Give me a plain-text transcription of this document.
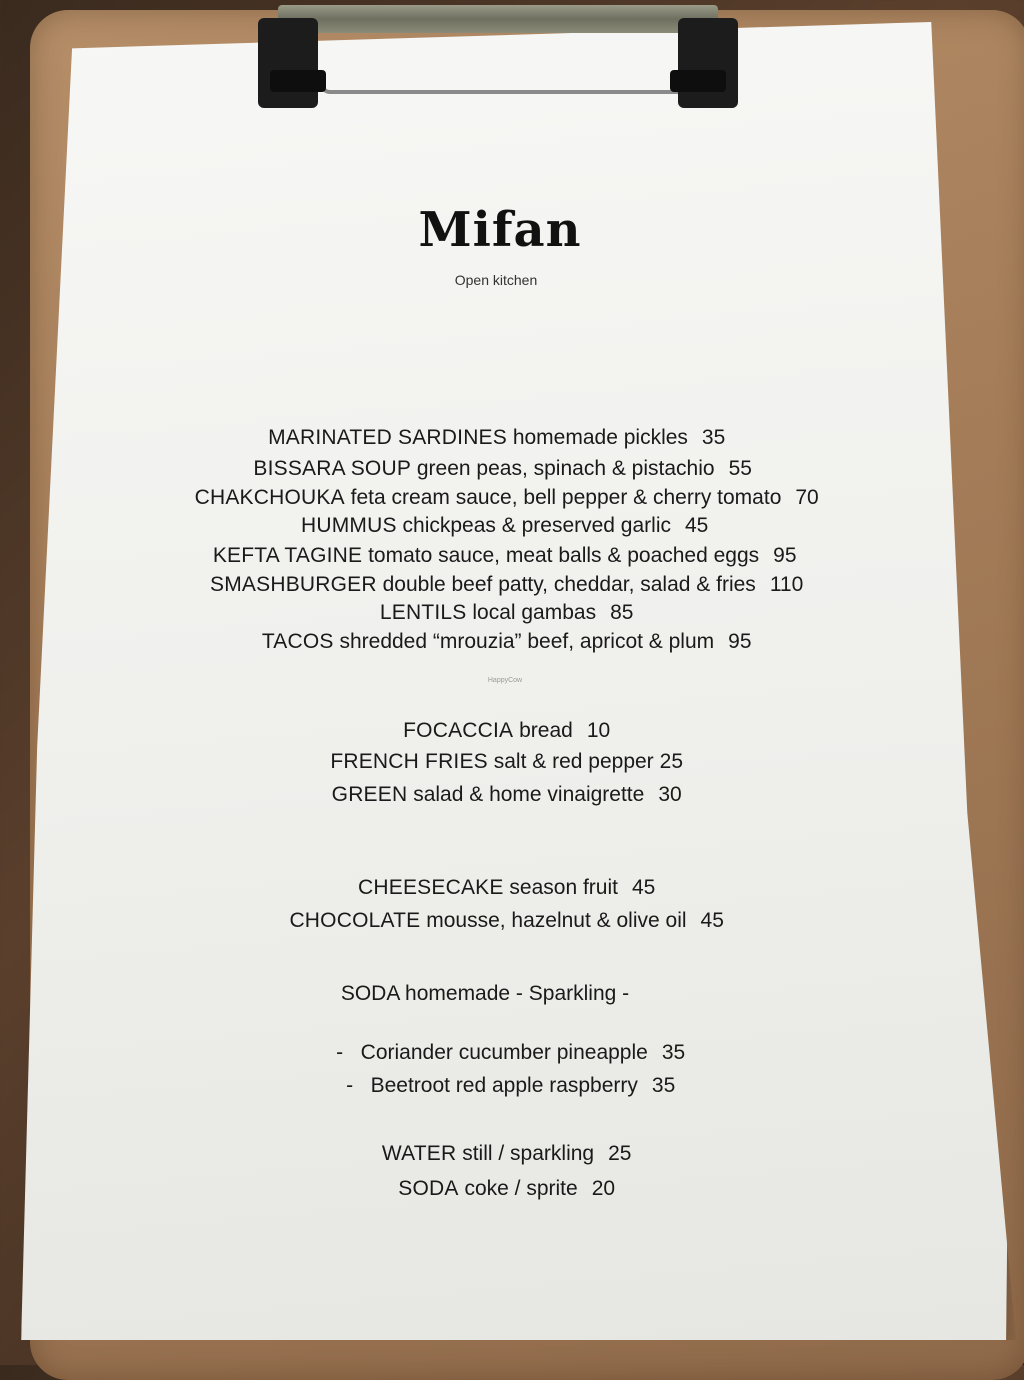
Mifan
Open kitchen

MARINATED SARDINES homemade pickles 35

BISSARA SOUP green peas, spinach & pistachio 55

CHAKCHOUKA feta cream sauce, bell pepper & cherry tomato 70

HUMMUS chickpeas & preserved garlic 45

KEFTA TAGINE tomato sauce, meat balls & poached eggs 95

SMASHBURGER double beef patty, cheddar, salad & fries 110

LENTILS local gambas 85

TACOS shredded “mrouzia” beef, apricot & plum 95

HappyCow

FOCACCIA bread 10

FRENCH FRIES salt & red pepper 25

GREEN salad & home vinaigrette 30

CHEESECAKE season fruit 45

CHOCOLATE mousse, hazelnut & olive oil 45

SODA homemade - Sparkling -

- Coriander cucumber pineapple 35

- Beetroot red apple raspberry 35

WATER still / sparkling 25

SODA coke / sprite 20
